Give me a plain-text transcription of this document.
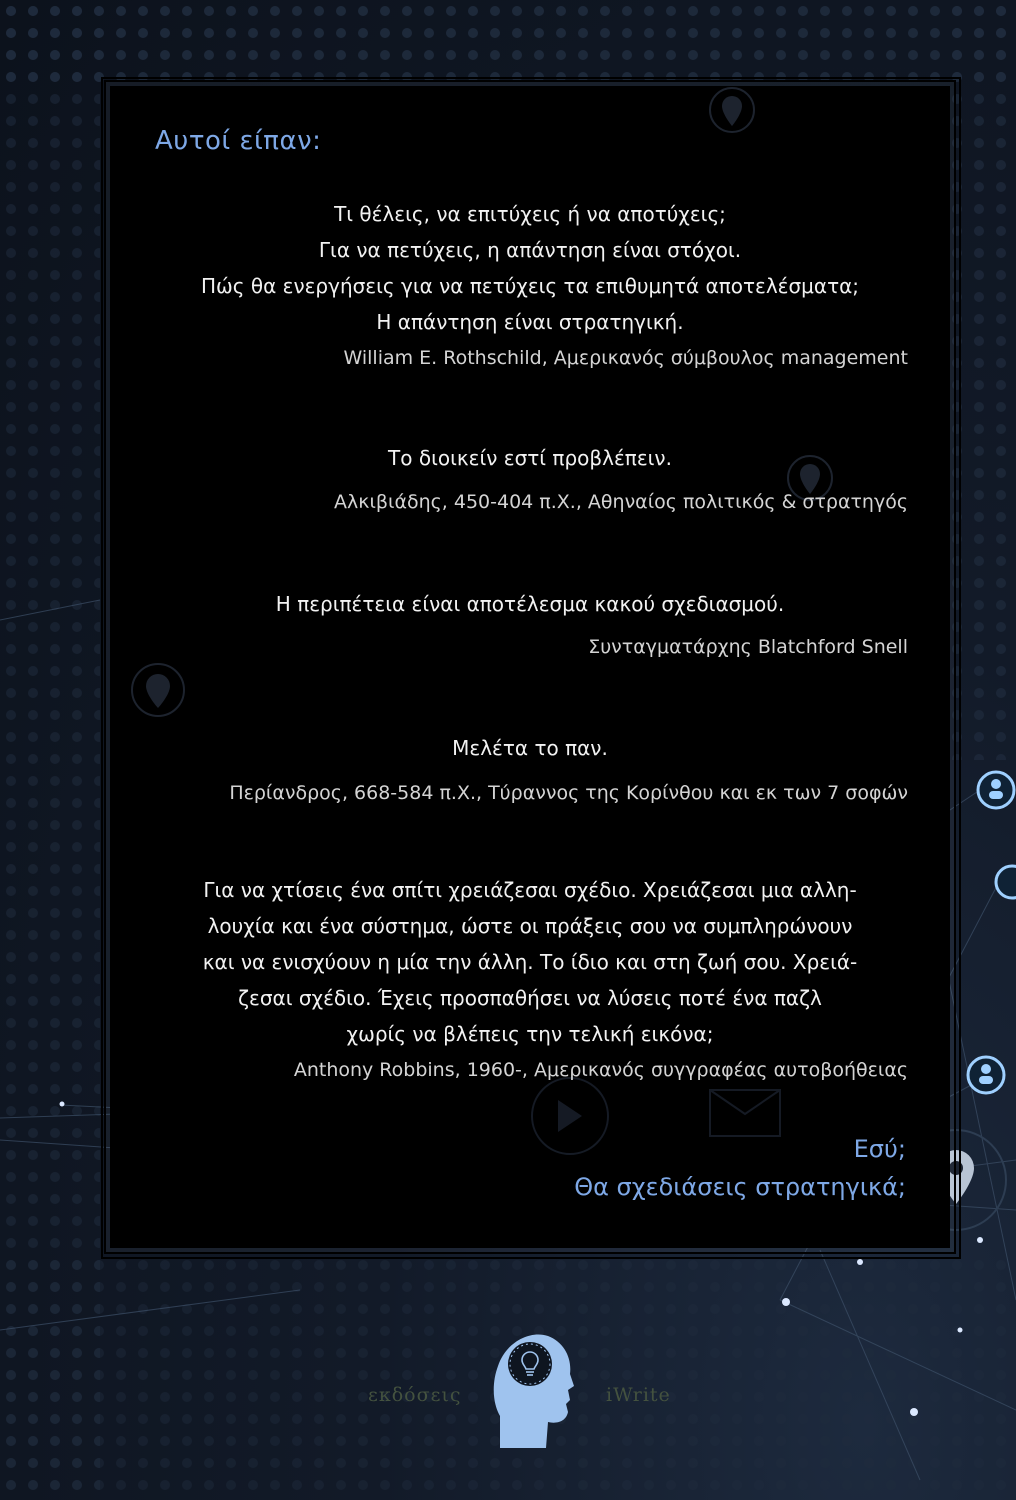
Αυτοί είπαν:
Τι θέλεις, να επιτύχεις ή να αποτύχεις;
Για να πετύχεις, η απάντηση είναι στόχοι.
Πώς θα ενεργήσεις για να πετύχεις τα επιθυμητά αποτελέσματα;
Η απάντηση είναι στρατηγική.
William E. Rothschild, Αμερικανός σύμβουλος management
Το διοικείν εστί προβλέπειν.
Αλκιβιάδης, 450-404 π.Χ., Αθηναίος πολιτικός & στρατηγός
Η περιπέτεια είναι αποτέλεσμα κακού σχεδιασμού.
Συνταγματάρχης Blatchford Snell
Μελέτα το παν.
Περίανδρος, 668-584 π.Χ., Τύραννος της Κορίνθου και εκ των 7 σοφών
Για να χτίσεις ένα σπίτι χρειάζεσαι σχέδιο. Χρειάζεσαι μια αλλη-
λουχία και ένα σύστημα, ώστε οι πράξεις σου να συμπληρώνουν
και να ενισχύουν η μία την άλλη. Το ίδιο και στη ζωή σου. Χρειά-
ζεσαι σχέδιο. Έχεις προσπαθήσει να λύσεις ποτέ ένα παζλ
χωρίς να βλέπεις την τελική εικόνα;
Anthony Robbins, 1960-, Αμερικανός συγγραφέας αυτοβοήθειας
Εσύ;
Θα σχεδιάσεις στρατηγικά;
εκδόσεις	iWrite
